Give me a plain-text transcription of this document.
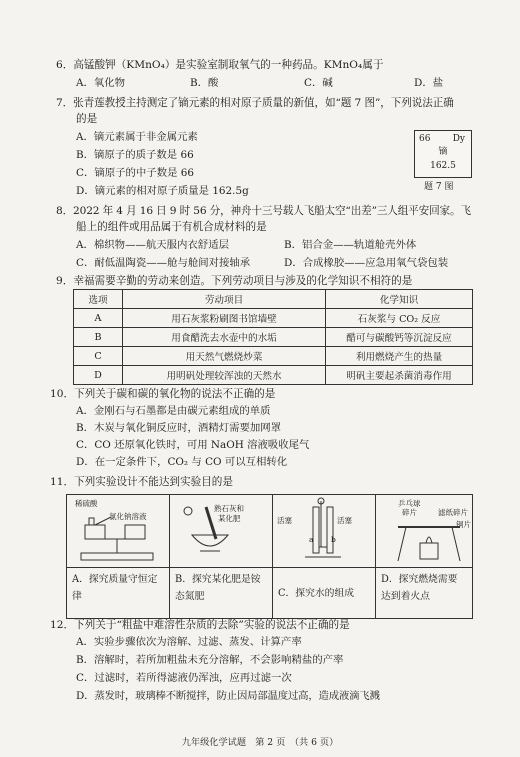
6．高锰酸钾（KMnO₄）是实验室制取氧气的一种药品。KMnO₄属于
A．氧化物	B．酸	C．碱	D．盐
7．张青莲教授主持测定了镝元素的相对原子质量的新值，如“题 7 图”，下列说法正确
的是
A．镝元素属于非金属元素
B．镝原子的质子数是 66
C．镝原子的中子数是 66
D．镝元素的相对原子质量是 162.5g
66 Dy
镝
162.5
题 7 图
8．2022 年 4 月 16 日 9 时 56 分，神舟十三号载人飞船太空“出差”三人组平安回家。飞
船上的组件或用品属于有机合成材料的是
A．棉织物——航天服内衣舒适层	B．铝合金——轨道舱壳外体
C．耐低温陶瓷——舱与舱间对接轴承	D．合成橡胶——应急用氧气袋包装
9．幸福需要辛勤的劳动来创造。下列劳动项目与涉及的化学知识不相符的是
选项	劳动项目	化学知识
A	用石灰浆粉刷图书馆墙壁	石灰浆与 CO₂ 反应
B	用食醋洗去水壶中的水垢	醋可与碳酸钙等沉淀反应
C	用天然气燃烧炒菜	利用燃烧产生的热量
D	用明矾处理较浑浊的天然水	明矾主要起杀菌消毒作用
10．下列关于碳和碳的氧化物的说法不正确的是
A．金刚石与石墨都是由碳元素组成的单质
B．木炭与氧化铜反应时，酒精灯需要加网罩
C．CO 还原氧化铁时，可用 NaOH 溶液吸收尾气
D．在一定条件下，CO₂ 与 CO 可以互相转化
11．下列实验设计不能达到实验目的是
稀硫酸
氯化钠溶液	熟石灰和
某化肥	活塞 活塞
a b	乒乓球
碎片 滤纸碎片
铜片

A．探究质量守恒定律	B．探究某化肥是铵态氮肥	C．探究水的组成	D．探究燃烧需要达到着火点
12．下列关于“粗盐中难溶性杂质的去除”实验的说法不正确的是
A．实验步骤依次为溶解、过滤、蒸发、计算产率
B．溶解时，若所加粗盐未充分溶解，不会影响精盐的产率
C．过滤时，若所得滤液仍浑浊，应再过滤一次
D．蒸发时，玻璃棒不断搅拌，防止因局部温度过高，造成液滴飞溅
九年级化学试题　第 2 页　（共 6 页）
